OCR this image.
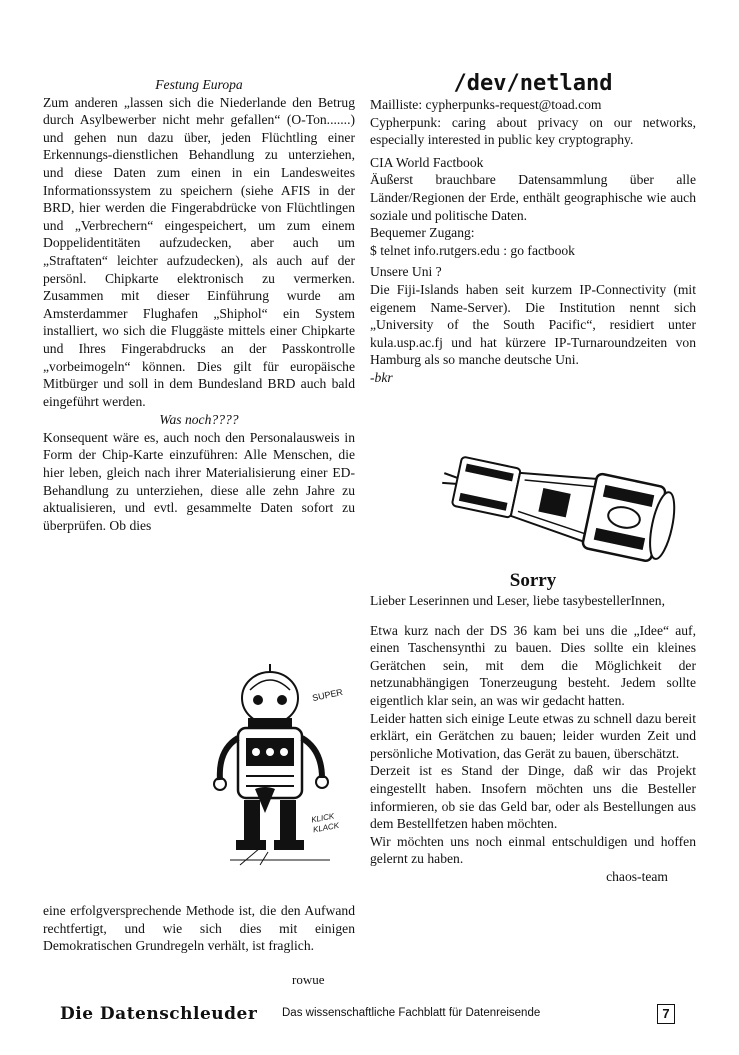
Festung Europa

Zum anderen „lassen sich die Niederlande den Betrug durch Asylbewerber nicht mehr gefallen“ (O-Ton.......) und gehen nun dazu über, jeden Flüchtling einer Erkennungs-dienstlichen Behandlung zu unterziehen, und diese Daten zum einen in ein Landesweites Informationssystem zu speichern (siehe AFIS in der BRD, hier werden die Fingerabdrücke von Flüchtlingen und „Verbrechern“ eingespeichert, um zum einem Doppelidentitäten aufzudecken, aber auch um „Straftaten“ leichter aufzudecken), als auch auf der persönl. Chipkarte elektronisch zu vermerken. Zusammen mit dieser Einführung wurde am Amsterdammer Flughafen „Shiphol“ ein System installiert, wo sich die Fluggäste mittels einer Chipkarte und Ihres Fingerabdrucks an der Passkontrolle „vorbeimogeln“ können. Dies gilt für europäische Mitbürger und soll in dem Bundesland BRD auch bald eingeführt werden.

Was noch????

Konsequent wäre es, auch noch den Personalausweis in Form der Chip-Karte einzuführen: Alle Menschen, die hier leben, gleich nach ihrer Materialisierung einer ED-Behandlung zu unterziehen, diese alle zehn Jahre zu aktualisieren, und evtl. gesammelte Daten sofort zu überprüfen. Ob dies

SUPER
KLICK KLACK

eine erfolgversprechende Methode ist, die den Aufwand rechtfertigt, und wie sich dies mit einigen Demokratischen Grundregeln verhält, ist fraglich.

rowue
/dev/netland

Mailliste: cypherpunks-request@toad.com

Cypherpunk: caring about privacy on our networks, especially interested in public key cryptography.

CIA World Factbook

Äußerst brauchbare Datensammlung über alle Länder/Regionen der Erde, enthält geographische wie auch soziale und politische Daten.

Bequemer Zugang:

$ telnet info.rutgers.edu : go factbook

Unsere Uni ?

Die Fiji-Islands haben seit kurzem IP-Connectivity (mit eigenem Name-Server). Die Institution nennt sich „University of the South Pacific“, residiert unter kula.usp.ac.fj und hat kürzere IP-Turnaroundzeiten von Hamburg als so manche deutsche Uni.

-bkr

Sorry

Lieber Leserinnen und Leser, liebe tasybestellerInnen,

Etwa kurz nach der DS 36 kam bei uns die „Idee“ auf, einen Taschensynthi zu bauen. Dies sollte ein kleines Gerätchen sein, mit dem die Möglichkeit der netzunabhängigen Tonerzeugung besteht. Jedem sollte eigentlich klar sein, an was wir gedacht hatten.

Leider hatten sich einige Leute etwas zu schnell dazu bereit erklärt, ein Gerätchen zu bauen; leider wurden Zeit und persönliche Motivation, das Gerät zu bauen, überschätzt.

Derzeit ist es Stand der Dinge, daß wir das Projekt eingestellt haben. Insofern möchten uns die Besteller informieren, ob sie das Geld bar, oder als Bestellungen aus dem Bestellfetzen haben möchten.

Wir möchten uns noch einmal entschuldigen und hoffen gelernt zu haben.

chaos-team

Die Datenschleuder Das wissenschaftliche Fachblatt für Datenreisende	7
